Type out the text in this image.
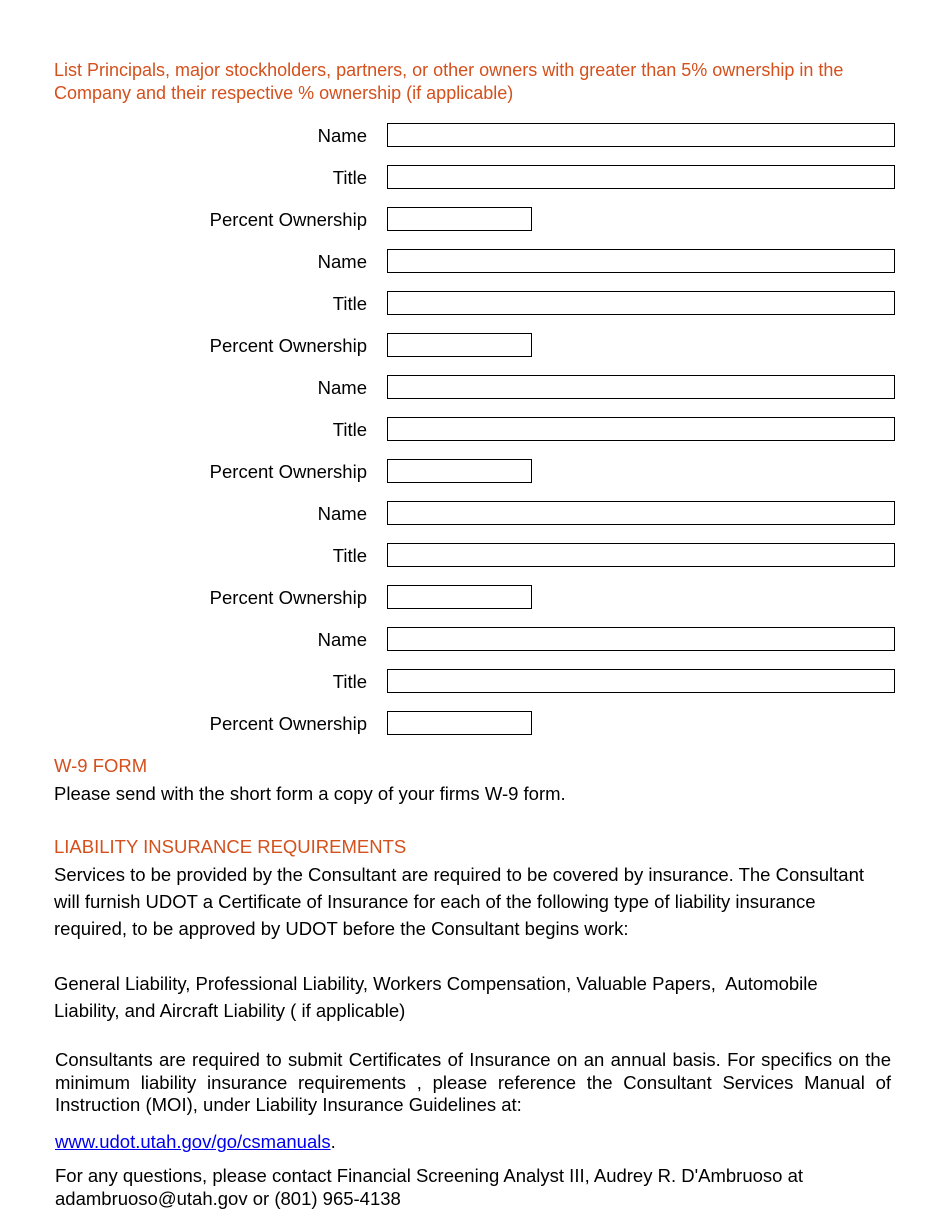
List Principals, major stockholders, partners, or other owners with greater than 5% ownership in the Company and their respective % ownership (if applicable)
Name
Title
Percent Ownership
Name
Title
Percent Ownership
Name
Title
Percent Ownership
Name
Title
Percent Ownership
Name
Title
Percent Ownership
W-9 FORM
Please send with the short form a copy of your firms W-9 form.
LIABILITY INSURANCE REQUIREMENTS
Services to be provided by the Consultant are required to be covered by insurance. The Consultant
will furnish UDOT a Certificate of Insurance for each of the following type of liability insurance
required, to be approved by UDOT before the Consultant begins work:
General Liability, Professional Liability, Workers Compensation, Valuable Papers,  Automobile
Liability, and Aircraft Liability ( if applicable)
Consultants are required to submit Certificates of Insurance on an annual basis. For specifics on the minimum liability insurance requirements , please reference the Consultant Services Manual of Instruction (MOI), under Liability Insurance Guidelines at:
www.udot.utah.gov/go/csmanuals.
For any questions, please contact Financial Screening Analyst III, Audrey R. D'Ambruoso at
adambruoso@utah.gov or (801) 965-4138
